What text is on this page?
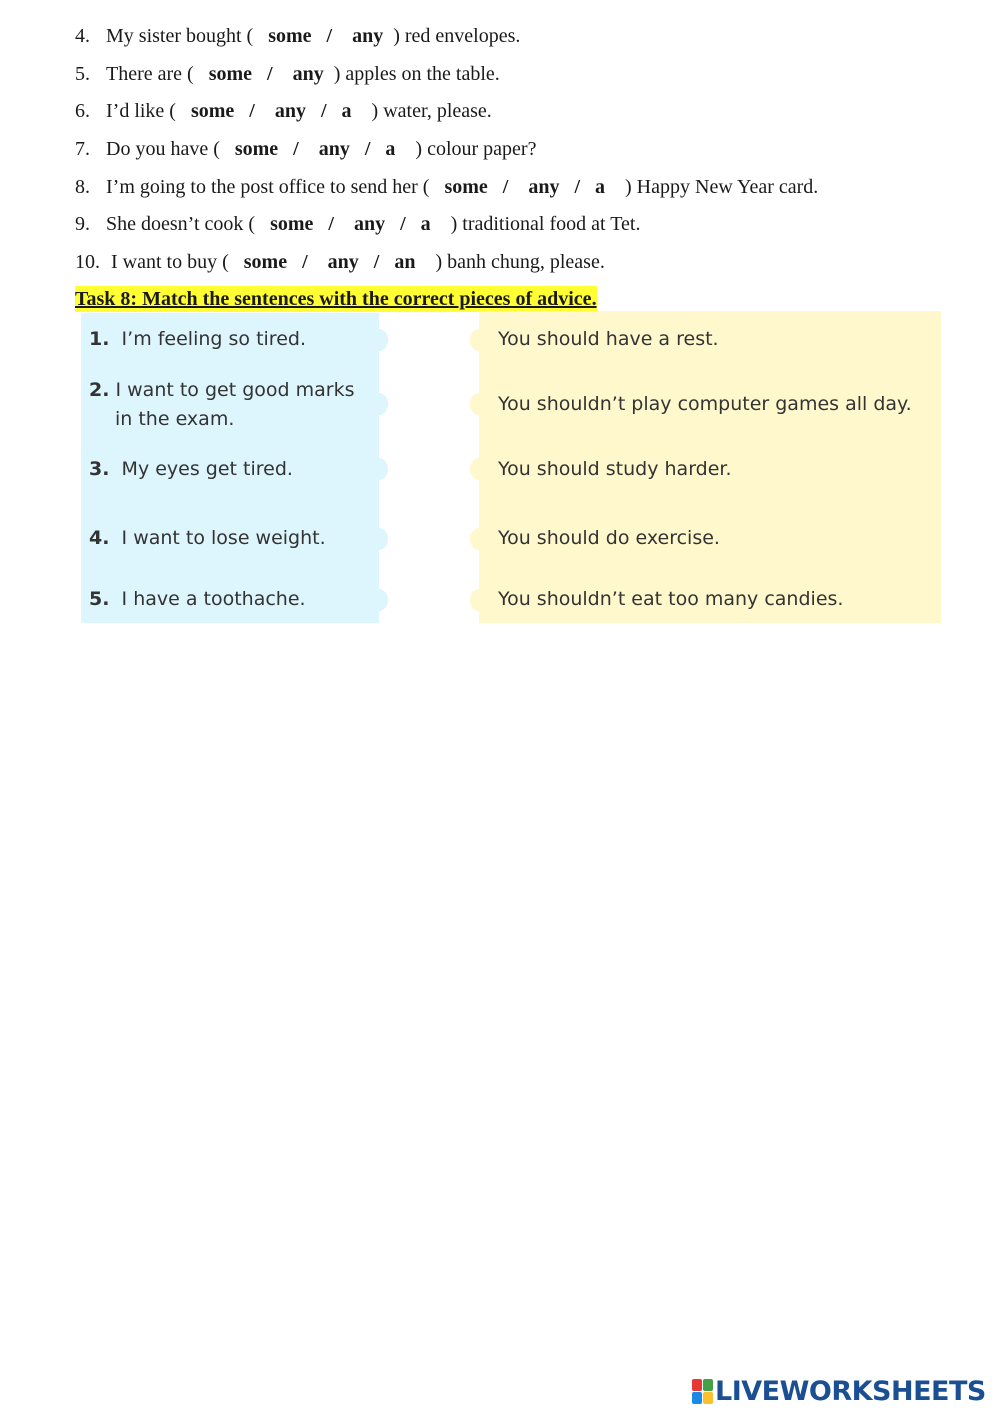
4. My sister bought ( some   /    any ) red envelopes.
5. There are ( some   /    any ) apples on the table.
6. I’d like ( some   /    any   /   a ) water, please.
7. Do you have ( some   /    any   /   a ) colour paper?
8. I’m going to the post office to send her ( some   /    any   /   a ) Happy New Year card.
9. She doesn’t cook ( some   /    any   /   a ) traditional food at Tet.
10. I want to buy ( some   /    any   /   an ) banh chung, please.
Task 8: Match the sentences with the correct pieces of advice.
1. I’m feeling so tired.
2. I want to get good marks
in the exam.
3. My eyes get tired.
4. I want to lose weight.
5. I have a toothache.
You should have a rest.
You shouldn’t play computer games all day.
You should study harder.
You should do exercise.
You shouldn’t eat too many candies.
LIVEWORKSHEETS
